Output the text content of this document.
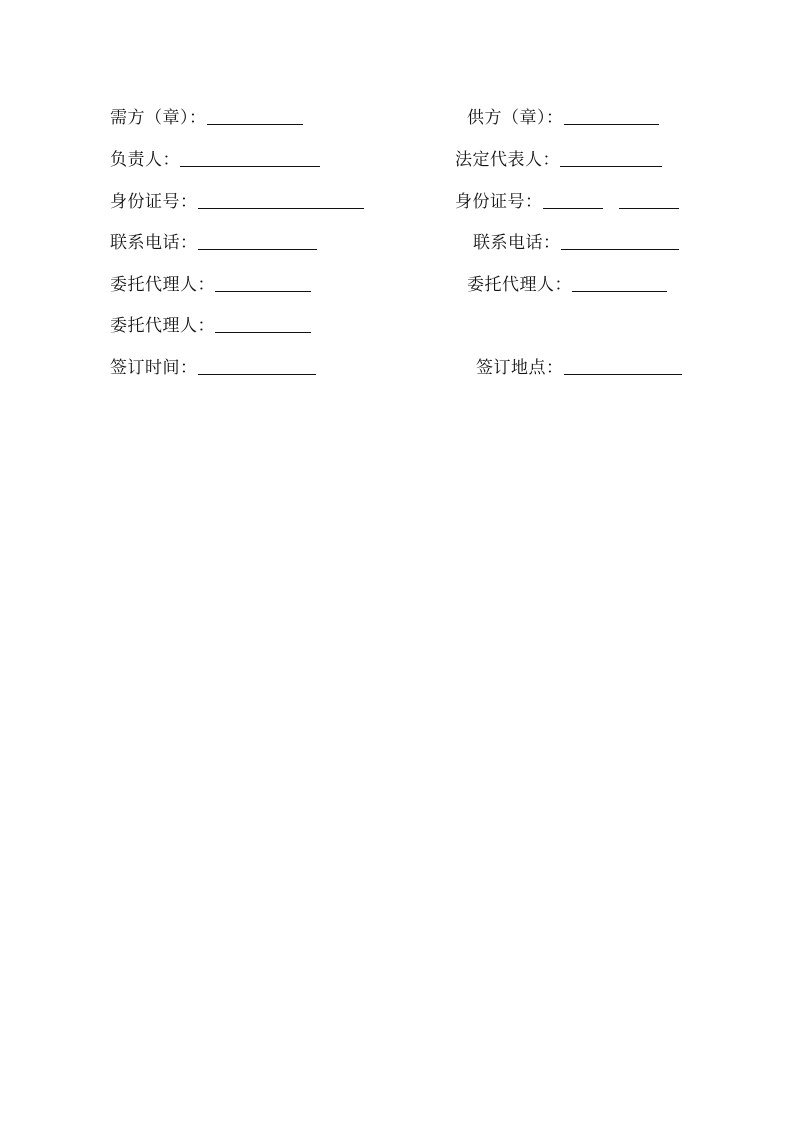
需方（章）：
负责人：
身份证号：
联系电话：
委托代理人：
委托代理人：
签订时间：
供方（章）：
法定代表人：
身份证号：
联系电话：
委托代理人：
签订地点：
